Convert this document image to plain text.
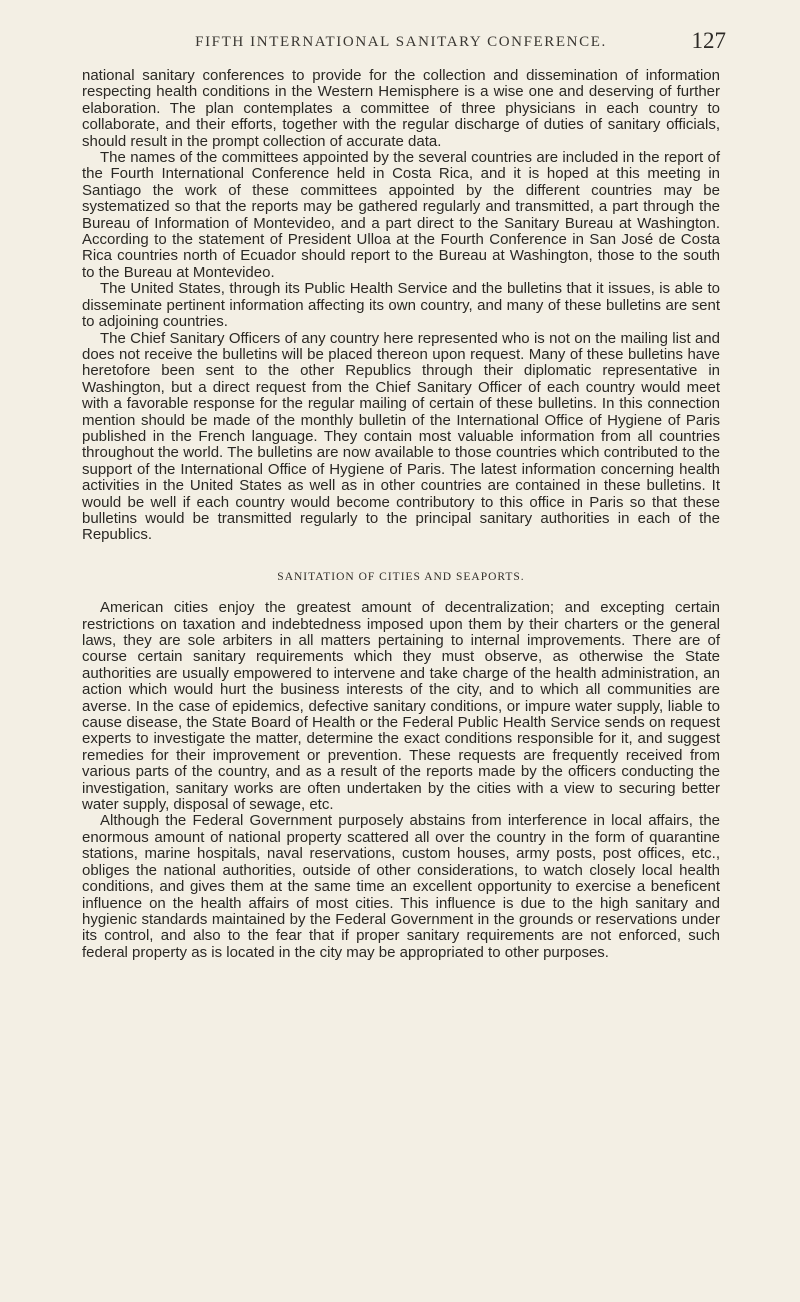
FIFTH INTERNATIONAL SANITARY CONFERENCE.	127

national sanitary conferences to provide for the collection and dissemination of information respecting health conditions in the Western Hemisphere is a wise one and deserving of further elaboration. The plan contemplates a committee of three physicians in each country to collaborate, and their efforts, together with the regular discharge of duties of sanitary officials, should result in the prompt collection of accurate data.

The names of the committees appointed by the several countries are included in the report of the Fourth International Conference held in Costa Rica, and it is hoped at this meeting in Santiago the work of these committees appointed by the different countries may be systematized so that the reports may be gathered regularly and transmitted, a part through the Bureau of Information of Montevideo, and a part direct to the Sanitary Bureau at Washington. According to the statement of President Ulloa at the Fourth Conference in San José de Costa Rica countries north of Ecuador should report to the Bureau at Washington, those to the south to the Bureau at Montevideo.

The United States, through its Public Health Service and the bulletins that it issues, is able to disseminate pertinent information affecting its own country, and many of these bulletins are sent to adjoining countries.

The Chief Sanitary Officers of any country here represented who is not on the mailing list and does not receive the bulletins will be placed thereon upon request. Many of these bulletins have heretofore been sent to the other Republics through their diplomatic representative in Washington, but a direct request from the Chief Sanitary Officer of each country would meet with a favorable response for the regular mailing of certain of these bulletins. In this connection mention should be made of the monthly bulletin of the International Office of Hygiene of Paris published in the French language. They contain most valuable information from all countries throughout the world. The bulletins are now available to those countries which contributed to the support of the International Office of Hygiene of Paris. The latest information concerning health activities in the United States as well as in other countries are contained in these bulletins. It would be well if each country would become contributory to this office in Paris so that these bulletins would be transmitted regularly to the principal sanitary authorities in each of the Republics.

SANITATION OF CITIES AND SEAPORTS.

American cities enjoy the greatest amount of decentralization; and excepting certain restrictions on taxation and indebtedness imposed upon them by their charters or the general laws, they are sole arbiters in all matters pertaining to internal improvements. There are of course certain sanitary requirements which they must observe, as otherwise the State authorities are usually empowered to intervene and take charge of the health administration, an action which would hurt the business interests of the city, and to which all communities are averse. In the case of epidemics, defective sanitary conditions, or impure water supply, liable to cause disease, the State Board of Health or the Federal Public Health Service sends on request experts to investigate the matter, determine the exact conditions responsible for it, and suggest remedies for their improvement or prevention. These requests are frequently received from various parts of the country, and as a result of the reports made by the officers conducting the investigation, sanitary works are often undertaken by the cities with a view to securing better water supply, disposal of sewage, etc.

Although the Federal Government purposely abstains from interference in local affairs, the enormous amount of national property scattered all over the country in the form of quarantine stations, marine hospitals, naval reservations, custom houses, army posts, post offices, etc., obliges the national authorities, outside of other considerations, to watch closely local health conditions, and gives them at the same time an excellent opportunity to exercise a beneficent influence on the health affairs of most cities. This influence is due to the high sanitary and hygienic standards maintained by the Federal Government in the grounds or reservations under its control, and also to the fear that if proper sanitary requirements are not enforced, such federal property as is located in the city may be appropriated to other purposes.
